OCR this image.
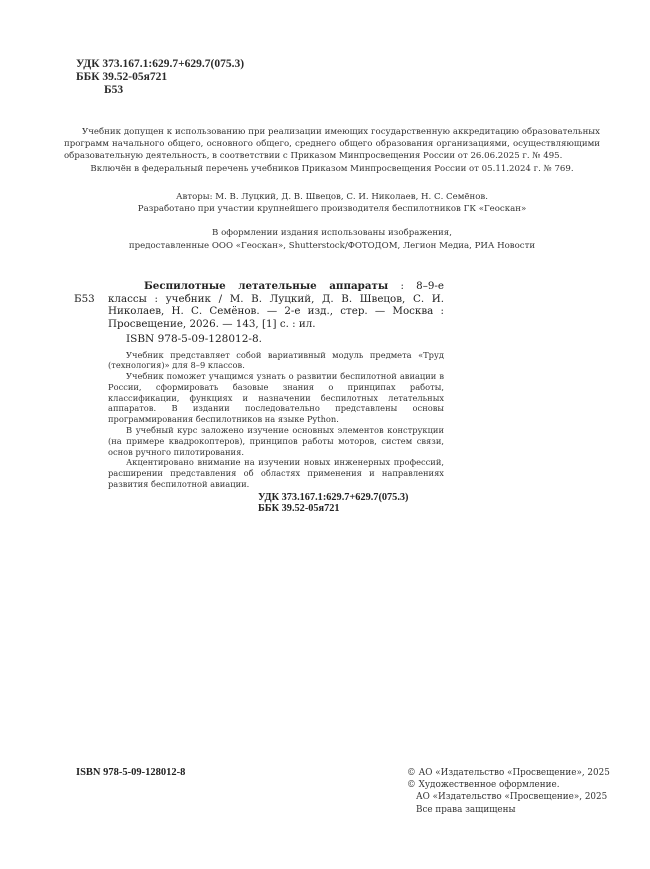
УДК 373.167.1:629.7+629.7(075.3)
ББК 39.52-05я721
Б53

Учебник допущен к использованию при реализации имеющих государственную аккредитацию образовательных программ начального общего, основного общего, среднего общего образования организациями, осуществляющими образовательную деятельность, в соответствии с Приказом Минпросвещения России от 26.06.2025 г. № 495.

Включён в федеральный перечень учебников Приказом Минпросвещения России от 05.11.2024 г. № 769.

Авторы: М. В. Луцкий, Д. В. Швецов, С. И. Николаев, Н. С. Семёнов.

Разработано при участии крупнейшего производителя беспилотников ГК «Геоскан»

В оформлении издания использованы изображения,

предоставленные ООО «Геоскан», Shutterstock/ФОТОДОМ, Легион Медиа, РИА Новости

Б53
Беспилотные летательные аппараты : 8–9-е классы : учебник / М. В. Луцкий, Д. В. Швецов, С. И. Николаев, Н. С. Семёнов. — 2-е изд., стер. — Москва : Просвещение, 2026. — 143, [1] с. : ил.
ISBN 978-5-09-128012-8.

Учебник представляет собой вариативный модуль предмета «Труд (технология)» для 8–9 классов.

Учебник поможет учащимся узнать о развитии беспилотной авиации в России, сформировать базовые знания о принципах работы, классификации, функциях и назначении беспилотных летательных аппаратов. В издании последовательно представлены основы программирования беспилотников на языке Python.

В учебный курс заложено изучение основных элементов конструкции (на примере квадрокоптеров), принципов работы моторов, систем связи, основ ручного пилотирования.

Акцентировано внимание на изучении новых инженерных профессий, расширении представления об областях применения и направлениях развития беспилотной авиации.

УДК 373.167.1:629.7+629.7(075.3)
ББК 39.52-05я721
ISBN 978-5-09-128012-8	© АО «Издательство «Просвещение», 2025

© Художественное оформление.

АО «Издательство «Просвещение», 2025

Все права защищены
